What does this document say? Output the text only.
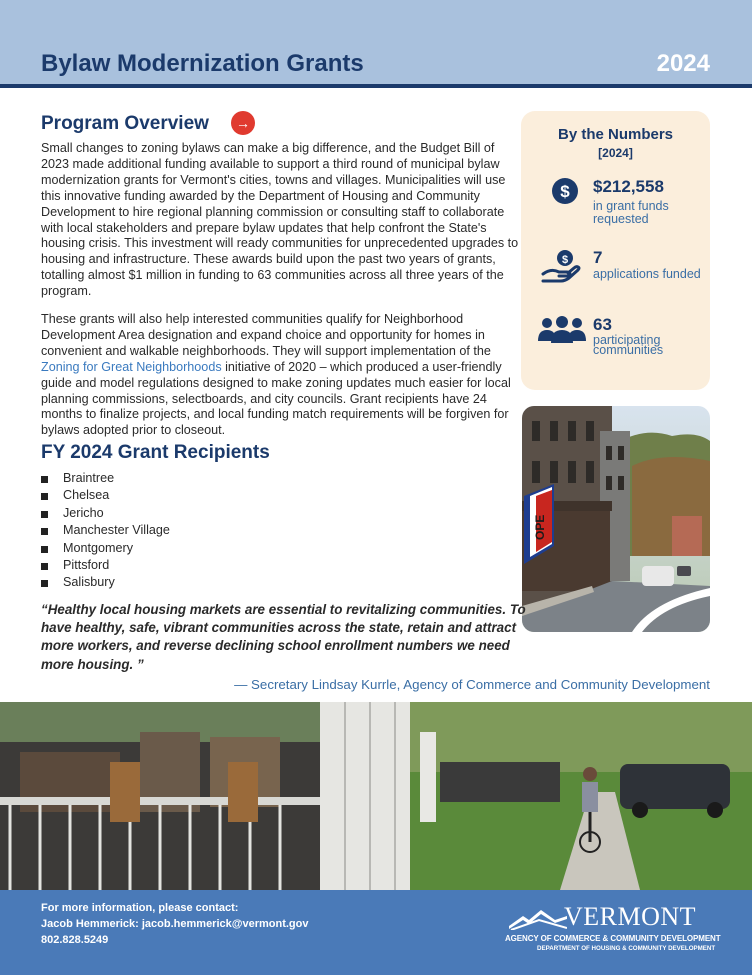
Bylaw Modernization Grants	2024
Program Overview	→
Small changes to zoning bylaws can make a big difference, and the Budget Bill of 2023 made additional funding available to support a third round of municipal bylaw modernization grants for Vermont's cities, towns and villages. Municipalities will use this innovative funding awarded by the Department of Housing and Community Development to hire regional planning commission or consulting staff to collaborate with local stakeholders and prepare bylaw updates that help confront the State's housing crisis. This investment will ready communities for unprecedented upgrades to housing and infrastructure. These awards build upon the past two years of grants, totalling almost $1 million in funding to 63 communities across all three years of the program.
These grants will also help interested communities qualify for Neighborhood Development Area designation and expand choice and opportunity for homes in convenient and walkable neighborhoods. They will support implementation of the Zoning for Great Neighborhoods initiative of 2020 – which produced a user-friendly guide and model regulations designed to make zoning updates much easier for local planning commissions, selectboards, and city councils. Grant recipients have 24 months to finalize projects, and local funding match requirements will be forgiven for bylaws adopted prior to closeout.
By the Numbers
[2024]
$ $212,558
in grant funds requested
$ 7
applications funded
63
participating communities
OPE
FY 2024 Grant Recipients
Braintree
Chelsea
Jericho
Manchester Village
Montgomery
Pittsford
Salisbury
“Healthy local housing markets are essential to revitalizing communities. To have healthy, safe, vibrant communities across the state, retain and attract more workers, and reverse declining school enrollment numbers we need more housing. ”
— Secretary Lindsay Kurrle, Agency of Commerce and Community Development
For more information, please contact:
Jacob Hemmerick: jacob.hemmerick@vermont.gov
802.828.5249
VERMONT
AGENCY OF COMMERCE & COMMUNITY DEVELOPMENT
DEPARTMENT OF HOUSING & COMMUNITY DEVELOPMENT
